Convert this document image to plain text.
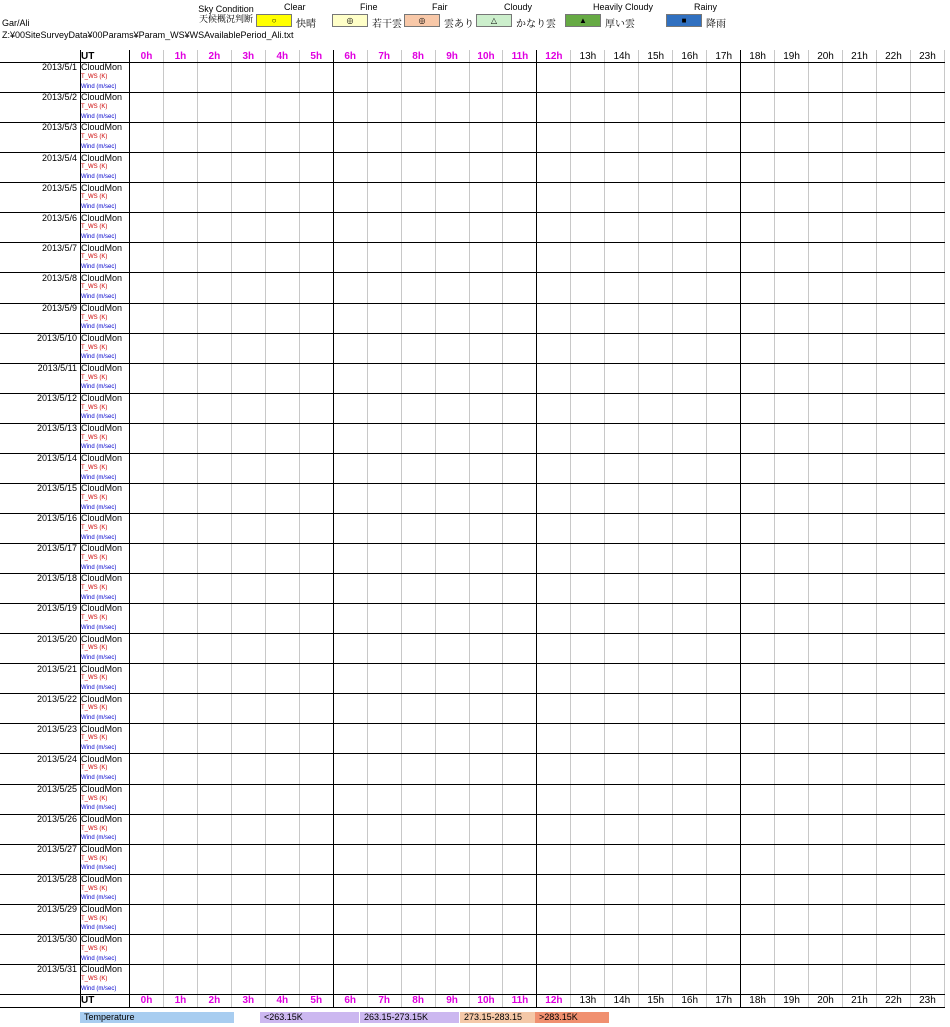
Gar/Ali
Z:¥00SiteSurveyData¥00Params¥Param_WS¥WSAvailablePeriod_Ali.txt
Sky Condition
天候概況判断
Clear
○	快晴
Fine
◎	若干雲
Fair
◎	雲あり
Cloudy
△	かなり雲
Heavily Cloudy
▲	厚い雲
Rainy
■	降雨
	UT	0h	1h	2h	3h	4h	5h	6h	7h	8h	9h	10h	11h	12h	13h	14h	15h	16h	17h	18h	19h	20h	21h	22h	23h
2013/5/1	CloudMon																								
	T_WS (K)																								
	Wind (m/sec)																								
2013/5/2	CloudMon																								
	T_WS (K)																								
	Wind (m/sec)																								
2013/5/3	CloudMon																								
	T_WS (K)																								
	Wind (m/sec)																								
2013/5/4	CloudMon																								
	T_WS (K)																								
	Wind (m/sec)																								
2013/5/5	CloudMon																								
	T_WS (K)																								
	Wind (m/sec)																								
2013/5/6	CloudMon																								
	T_WS (K)																								
	Wind (m/sec)																								
2013/5/7	CloudMon																								
	T_WS (K)																								
	Wind (m/sec)																								
2013/5/8	CloudMon																								
	T_WS (K)																								
	Wind (m/sec)																								
2013/5/9	CloudMon																								
	T_WS (K)																								
	Wind (m/sec)																								
2013/5/10	CloudMon																								
	T_WS (K)																								
	Wind (m/sec)																								
2013/5/11	CloudMon																								
	T_WS (K)																								
	Wind (m/sec)																								
2013/5/12	CloudMon																								
	T_WS (K)																								
	Wind (m/sec)																								
2013/5/13	CloudMon																								
	T_WS (K)																								
	Wind (m/sec)																								
2013/5/14	CloudMon																								
	T_WS (K)																								
	Wind (m/sec)																								
2013/5/15	CloudMon																								
	T_WS (K)																								
	Wind (m/sec)																								
2013/5/16	CloudMon																								
	T_WS (K)																								
	Wind (m/sec)																								
2013/5/17	CloudMon																								
	T_WS (K)																								
	Wind (m/sec)																								
2013/5/18	CloudMon																								
	T_WS (K)																								
	Wind (m/sec)																								
2013/5/19	CloudMon																								
	T_WS (K)																								
	Wind (m/sec)																								
2013/5/20	CloudMon																								
	T_WS (K)																								
	Wind (m/sec)																								
2013/5/21	CloudMon																								
	T_WS (K)																								
	Wind (m/sec)																								
2013/5/22	CloudMon																								
	T_WS (K)																								
	Wind (m/sec)																								
2013/5/23	CloudMon																								
	T_WS (K)																								
	Wind (m/sec)																								
2013/5/24	CloudMon																								
	T_WS (K)																								
	Wind (m/sec)																								
2013/5/25	CloudMon																								
	T_WS (K)																								
	Wind (m/sec)																								
2013/5/26	CloudMon																								
	T_WS (K)																								
	Wind (m/sec)																								
2013/5/27	CloudMon																								
	T_WS (K)																								
	Wind (m/sec)																								
2013/5/28	CloudMon																								
	T_WS (K)																								
	Wind (m/sec)																								
2013/5/29	CloudMon																								
	T_WS (K)																								
	Wind (m/sec)																								
2013/5/30	CloudMon																								
	T_WS (K)																								
	Wind (m/sec)																								
2013/5/31	CloudMon																								
	T_WS (K)																								
	Wind (m/sec)																								
	UT	0h	1h	2h	3h	4h	5h	6h	7h	8h	9h	10h	11h	12h	13h	14h	15h	16h	17h	18h	19h	20h	21h	22h	23h
Temperature	<263.15K	263.15-273.15K	273.15-283.15	>283.15K
